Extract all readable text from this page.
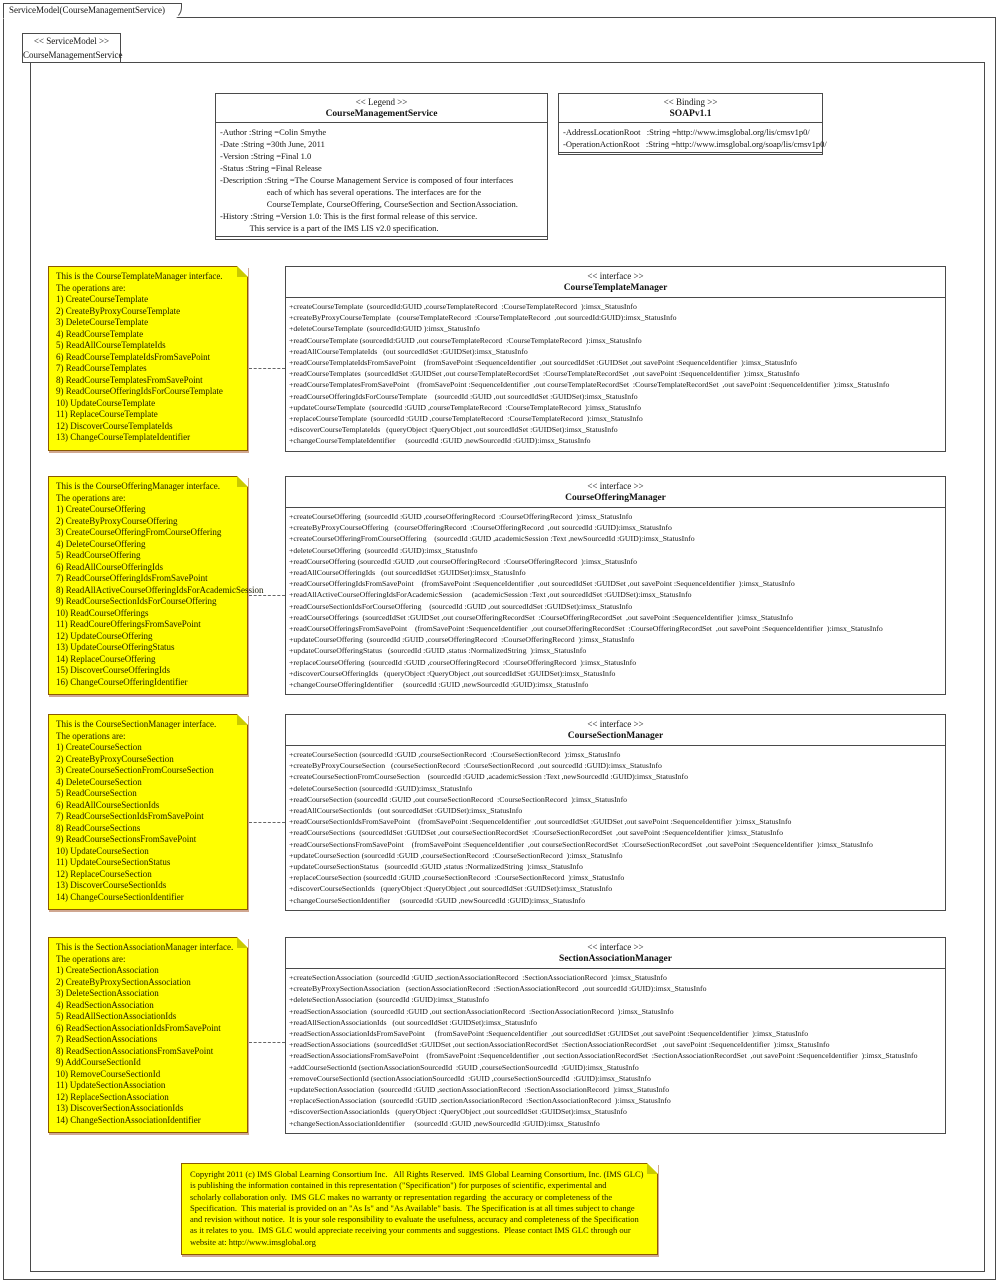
ServiceModel(CourseManagementService)
<< ServiceModel >>
CourseManagementService
<< Legend >>
CourseManagementService
-Author :String =Colin Smythe
-Date :String =30th June, 2011
-Version :String =Final 1.0
-Status :String =Final Release
-Description :String =The Course Management Service is composed of four interfaces
each of which has several operations. The interfaces are for the
CourseTemplate, CourseOffering, CourseSection and SectionAssociation.
-History :String =Version 1.0: This is the first formal release of this service.
This service is a part of the IMS LIS v2.0 specification.
<< Binding >>
SOAPv1.1
-AddressLocationRoot   :String =http://www.imsglobal.org/lis/cmsv1p0/
-OperationActionRoot   :String =http://www.imsglobal.org/soap/lis/cmsv1p0/
This is the CourseTemplateManager interface.
The operations are:
1) CreateCourseTemplate
2) CreateByProxyCourseTemplate
3) DeleteCourseTemplate
4) ReadCourseTemplate
5) ReadAllCourseTemplateIds
6) ReadCourseTemplateIdsFromSavePoint
7) ReadCourseTemplates
8) ReadCourseTemplatesFromSavePoint
9) ReadCourseOfferingIdsForCourseTemplate
10) UpdateCourseTemplate
11) ReplaceCourseTemplate
12) DiscoverCourseTemplateIds
13) ChangeCourseTemplateIdentifier
<< interface >>
CourseTemplateManager
+createCourseTemplate  (sourcedId:GUID ,courseTemplateRecord  :CourseTemplateRecord  ):imsx_StatusInfo
+createByProxyCourseTemplate   (courseTemplateRecord  :CourseTemplateRecord  ,out sourcedId:GUID):imsx_StatusInfo
+deleteCourseTemplate  (sourcedId:GUID ):imsx_StatusInfo
+readCourseTemplate (sourcedId:GUID ,out courseTemplateRecord  :CourseTemplateRecord  ):imsx_StatusInfo
+readAllCourseTemplateIds   (out sourcedIdSet :GUIDSet):imsx_StatusInfo
+readCourseTemplateIdsFromSavePoint    (fromSavePoint :SequenceIdentifier  ,out sourcedIdSet :GUIDSet ,out savePoint :SequenceIdentifier  ):imsx_StatusInfo
+readCourseTemplates  (sourcedIdSet :GUIDSet ,out courseTemplateRecordSet  :CourseTemplateRecordSet  ,out savePoint :SequenceIdentifier  ):imsx_StatusInfo
+readCourseTemplatesFromSavePoint    (fromSavePoint :SequenceIdentifier  ,out courseTemplateRecordSet  :CourseTemplateRecordSet  ,out savePoint :SequenceIdentifier  ):imsx_StatusInfo
+readCourseOfferingIdsForCourseTemplate    (sourcedId :GUID ,out sourcedIdSet :GUIDSet):imsx_StatusInfo
+updateCourseTemplate  (sourcedId :GUID ,courseTemplateRecord  :CourseTemplateRecord  ):imsx_StatusInfo
+replaceCourseTemplate  (sourcedId :GUID ,courseTemplateRecord  :CourseTemplateRecord  ):imsx_StatusInfo
+discoverCourseTemplateIds   (queryObject :QueryObject ,out sourcedIdSet :GUIDSet):imsx_StatusInfo
+changeCourseTemplateIdentifier     (sourcedId :GUID ,newSourcedId :GUID):imsx_StatusInfo
This is the CourseOfferingManager interface.
The operations are:
1) CreateCourseOffering
2) CreateByProxyCourseOffering
3) CreateCourseOfferingFromCourseOffering
4) DeleteCourseOffering
5) ReadCourseOffering
6) ReadAllCourseOfferingIds
7) ReadCourseOfferingIdsFromSavePoint
8) ReadAllActiveCourseOfferingIdsForAcademicSession
9) ReadCourseSectionIdsForCourseOffering
10) ReadCourseOfferings
11) ReadCoureOfferingsFromSavePoint
12) UpdateCourseOffering
13) UpdateCourseOfferingStatus
14) ReplaceCourseOffering
15) DiscoverCourseOfferingIds
16) ChangeCourseOfferingIdentifier
<< interface >>
CourseOfferingManager
+createCourseOffering  (sourcedId :GUID ,courseOfferingRecord  :CourseOfferingRecord  ):imsx_StatusInfo
+createByProxyCourseOffering   (courseOfferingRecord  :CourseOfferingRecord  ,out sourcedId :GUID):imsx_StatusInfo
+createCourseOfferingFromCourseOffering    (sourcedId :GUID ,academicSession :Text ,newSourcedId :GUID):imsx_StatusInfo
+deleteCourseOffering  (sourcedId :GUID):imsx_StatusInfo
+readCourseOffering (sourcedId :GUID ,out courseOfferingRecord  :CourseOfferingRecord  ):imsx_StatusInfo
+readAllCourseOfferingIds   (out sourcedIdSet :GUIDSet):imsx_StatusInfo
+readCourseOfferingIdsFromSavePoint    (fromSavePoint :SequenceIdentifier  ,out sourcedIdSet :GUIDSet ,out savePoint :SequenceIdentifier  ):imsx_StatusInfo
+readAllActiveCourseOfferingIdsForAcademicSession     (academicSession :Text ,out sourcedIdSet :GUIDSet):imsx_StatusInfo
+readCourseSectionIdsForCourseOffering    (sourcedId :GUID ,out sourcedIdSet :GUIDSet):imsx_StatusInfo
+readCourseOfferings  (sourcedIdSet :GUIDSet ,out courseOfferingRecordSet  :CourseOfferingRecordSet  ,out savePoint :SequenceIdentifier  ):imsx_StatusInfo
+readCourseOfferingsFromSavePoint    (fromSavePoint :SequenceIdentifier  ,out courseOfferingRecordSet  :CourseOfferingRecordSet  ,out savePoint :SequenceIdentifier  ):imsx_StatusInfo
+updateCourseOffering  (sourcedId :GUID ,courseOfferingRecord  :CourseOfferingRecord  ):imsx_StatusInfo
+updateCourseOfferingStatus   (sourcedId :GUID ,status :NormalizedString  ):imsx_StatusInfo
+replaceCourseOffering  (sourcedId :GUID ,courseOfferingRecord  :CourseOfferingRecord  ):imsx_StatusInfo
+discoverCourseOfferingIds   (queryObject :QueryObject ,out sourcedIdSet :GUIDSet):imsx_StatusInfo
+changeCourseOfferingIdentifier     (sourcedId :GUID ,newSourcedId :GUID):imsx_StatusInfo
This is the CourseSectionManager interface.
The operations are:
1) CreateCourseSection
2) CreateByProxyCourseSection
3) CreateCourseSectionFromCourseSection
4) DeleteCourseSection
5) ReadCourseSection
6) ReadAllCourseSectionIds
7) ReadCourseSectionIdsFromSavePoint
8) ReadCourseSections
9) ReadCourseSectionsFromSavePoint
10) UpdateCourseSection
11) UpdateCourseSectionStatus
12) ReplaceCourseSection
13) DiscoverCourseSectionIds
14) ChangeCourseSectionIdentifier
<< interface >>
CourseSectionManager
+createCourseSection (sourcedId :GUID ,courseSectionRecord  :CourseSectionRecord  ):imsx_StatusInfo
+createByProxyCourseSection   (courseSectionRecord  :CourseSectionRecord  ,out sourcedId :GUID):imsx_StatusInfo
+createCourseSectionFromCourseSection    (sourcedId :GUID ,academicSession :Text ,newSourcedId :GUID):imsx_StatusInfo
+deleteCourseSection (sourcedId :GUID):imsx_StatusInfo
+readCourseSection (sourcedId :GUID ,out courseSectionRecord  :CourseSectionRecord  ):imsx_StatusInfo
+readAllCourseSectionIds   (out sourcedIdSet :GUIDSet):imsx_StatusInfo
+readCourseSectionIdsFromSavePoint    (fromSavePoint :SequenceIdentifier  ,out sourcedIdSet :GUIDSet ,out savePoint :SequenceIdentifier  ):imsx_StatusInfo
+readCourseSections  (sourcedIdSet :GUIDSet ,out courseSectionRecordSet  :CourseSectionRecordSet  ,out savePoint :SequenceIdentifier  ):imsx_StatusInfo
+readCourseSectionsFromSavePoint    (fromSavePoint :SequenceIdentifier  ,out courseSectionRecordSet  :CourseSectionRecordSet  ,out savePoint :SequenceIdentifier  ):imsx_StatusInfo
+updateCourseSection (sourcedId :GUID ,courseSectionRecord  :CourseSectionRecord  ):imsx_StatusInfo
+updateCourseSectionStatus   (sourcedId :GUID ,status :NormalizedString  ):imsx_StatusInfo
+replaceCourseSection (sourcedId :GUID ,courseSectionRecord  :CourseSectionRecord  ):imsx_StatusInfo
+discoverCourseSectionIds   (queryObject :QueryObject ,out sourcedIdSet :GUIDSet):imsx_StatusInfo
+changeCourseSectionIdentifier     (sourcedId :GUID ,newSourcedId :GUID):imsx_StatusInfo
This is the SectionAssociationManager interface.
The operations are:
1) CreateSectionAssociation
2) CreateByProxySectionAssociation
3) DeleteSectionAssociation
4) ReadSectionAssociation
5) ReadAllSectionAssociationIds
6) ReadSectionAssociationIdsFromSavePoint
7) ReadSectionAssociations
8) ReadSectionAssociationsFromSavePoint
9) AddCourseSectionId
10) RemoveCourseSectionId
11) UpdateSectionAssociation
12) ReplaceSectionAssociation
13) DiscoverSectionAssociationIds
14) ChangeSectionAssociationIdentifier
<< interface >>
SectionAssociationManager
+createSectionAssociation  (sourcedId :GUID ,sectionAssociationRecord  :SectionAssociationRecord  ):imsx_StatusInfo
+createByProxySectionAssociation   (sectionAssociationRecord  :SectionAssociationRecord  ,out sourcedId :GUID):imsx_StatusInfo
+deleteSectionAssociation  (sourcedId :GUID):imsx_StatusInfo
+readSectionAssociation  (sourcedId :GUID ,out sectionAssociationRecord  :SectionAssociationRecord  ):imsx_StatusInfo
+readAllSectionAssociationIds   (out sourcedIdSet :GUIDSet):imsx_StatusInfo
+readSectionAssociationIdsFromSavePoint     (fromSavePoint :SequenceIdentifier  ,out sourcedIdSet :GUIDSet ,out savePoint :SequenceIdentifier  ):imsx_StatusInfo
+readSectionAssociations  (sourcedIdSet :GUIDSet ,out sectionAssociationRecordSet  :SectionAssociationRecordSet   ,out savePoint :SequenceIdentifier  ):imsx_StatusInfo
+readSectionAssociationsFromSavePoint    (fromSavePoint :SequenceIdentifier  ,out sectionAssociationRecordSet  :SectionAssociationRecordSet  ,out savePoint :SequenceIdentifier  ):imsx_StatusInfo
+addCourseSectionId (sectionAssociationSourcedId  :GUID ,courseSectionSourcedId  :GUID):imsx_StatusInfo
+removeCourseSectionId (sectionAssociationSourcedId  :GUID ,courseSectionSourcedId  :GUID):imsx_StatusInfo
+updateSectionAssociation  (sourcedId :GUID ,sectionAssociationRecord  :SectionAssociationRecord  ):imsx_StatusInfo
+replaceSectionAssociation  (sourcedId :GUID ,sectionAssociationRecord  :SectionAssociationRecord  ):imsx_StatusInfo
+discoverSectionAssociationIds   (queryObject :QueryObject ,out sourcedIdSet :GUIDSet):imsx_StatusInfo
+changeSectionAssociationIdentifier     (sourcedId :GUID ,newSourcedId :GUID):imsx_StatusInfo
Copyright 2011 (c) IMS Global Learning Consortium Inc.   All Rights Reserved.  IMS Global Learning Consortium, Inc. (IMS GLC)
is publishing the information contained in this representation ("Specification") for purposes of scientific, experimental and
scholarly collaboration only.  IMS GLC makes no warranty or representation regarding  the accuracy or completeness of the
Specification.  This material is provided on an "As Is" and "As Available" basis.  The Specification is at all times subject to change
and revision without notice.  It is your sole responsibility to evaluate the usefulness, accuracy and completeness of the Specification
as it relates to you.  IMS GLC would appreciate receiving your comments and suggestions.  Please contact IMS GLC through our
website at: http://www.imsglobal.org
